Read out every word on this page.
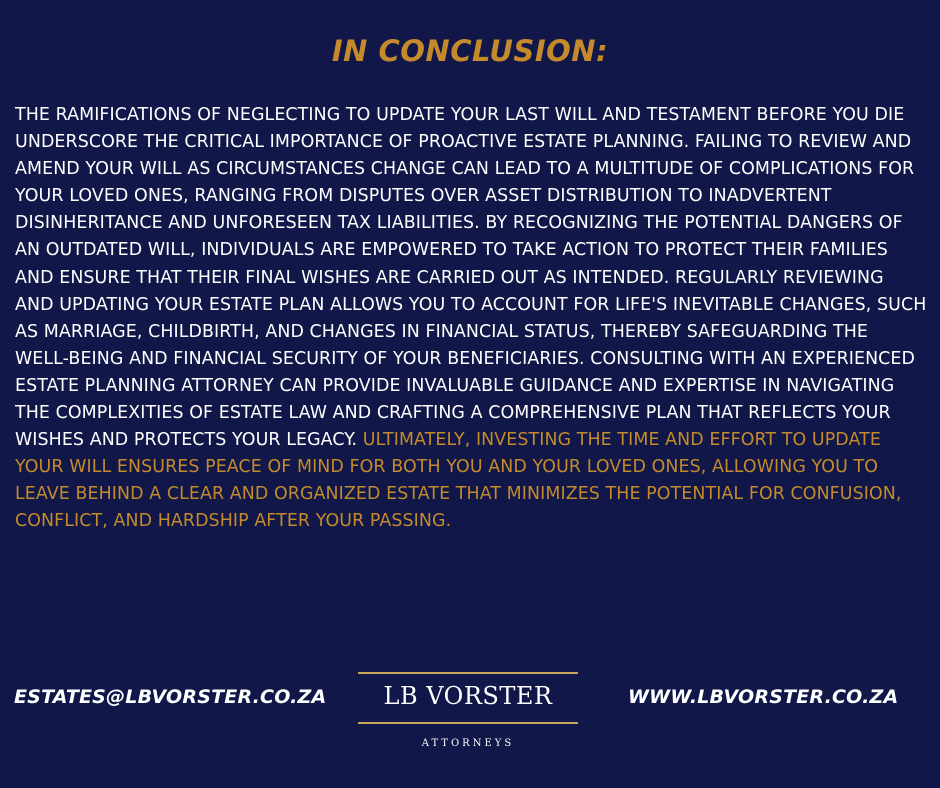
IN CONCLUSION:
THE RAMIFICATIONS OF NEGLECTING TO UPDATE YOUR LAST WILL AND TESTAMENT BEFORE YOU DIE UNDERSCORE THE CRITICAL IMPORTANCE OF PROACTIVE ESTATE PLANNING. FAILING TO REVIEW AND AMEND YOUR WILL AS CIRCUMSTANCES CHANGE CAN LEAD TO A MULTITUDE OF COMPLICATIONS FOR YOUR LOVED ONES, RANGING FROM DISPUTES OVER ASSET DISTRIBUTION TO INADVERTENT DISINHERITANCE AND UNFORESEEN TAX LIABILITIES. BY RECOGNIZING THE POTENTIAL DANGERS OF AN OUTDATED WILL, INDIVIDUALS ARE EMPOWERED TO TAKE ACTION TO PROTECT THEIR FAMILIES AND ENSURE THAT THEIR FINAL WISHES ARE CARRIED OUT AS INTENDED. REGULARLY REVIEWING AND UPDATING YOUR ESTATE PLAN ALLOWS YOU TO ACCOUNT FOR LIFE'S INEVITABLE CHANGES, SUCH AS MARRIAGE, CHILDBIRTH, AND CHANGES IN FINANCIAL STATUS, THEREBY SAFEGUARDING THE WELL-BEING AND FINANCIAL SECURITY OF YOUR BENEFICIARIES. CONSULTING WITH AN EXPERIENCED ESTATE PLANNING ATTORNEY CAN PROVIDE INVALUABLE GUIDANCE AND EXPERTISE IN NAVIGATING THE COMPLEXITIES OF ESTATE LAW AND CRAFTING A COMPREHENSIVE PLAN THAT REFLECTS YOUR WISHES AND PROTECTS YOUR LEGACY. ULTIMATELY, INVESTING THE TIME AND EFFORT TO UPDATE YOUR WILL ENSURES PEACE OF MIND FOR BOTH YOU AND YOUR LOVED ONES, ALLOWING YOU TO LEAVE BEHIND A CLEAR AND ORGANIZED ESTATE THAT MINIMIZES THE POTENTIAL FOR CONFUSION, CONFLICT, AND HARDSHIP AFTER YOUR PASSING.
ESTATES@LBVORSTER.CO.ZA	LB VORSTER
ATTORNEYS
WWW.LBVORSTER.CO.ZA
